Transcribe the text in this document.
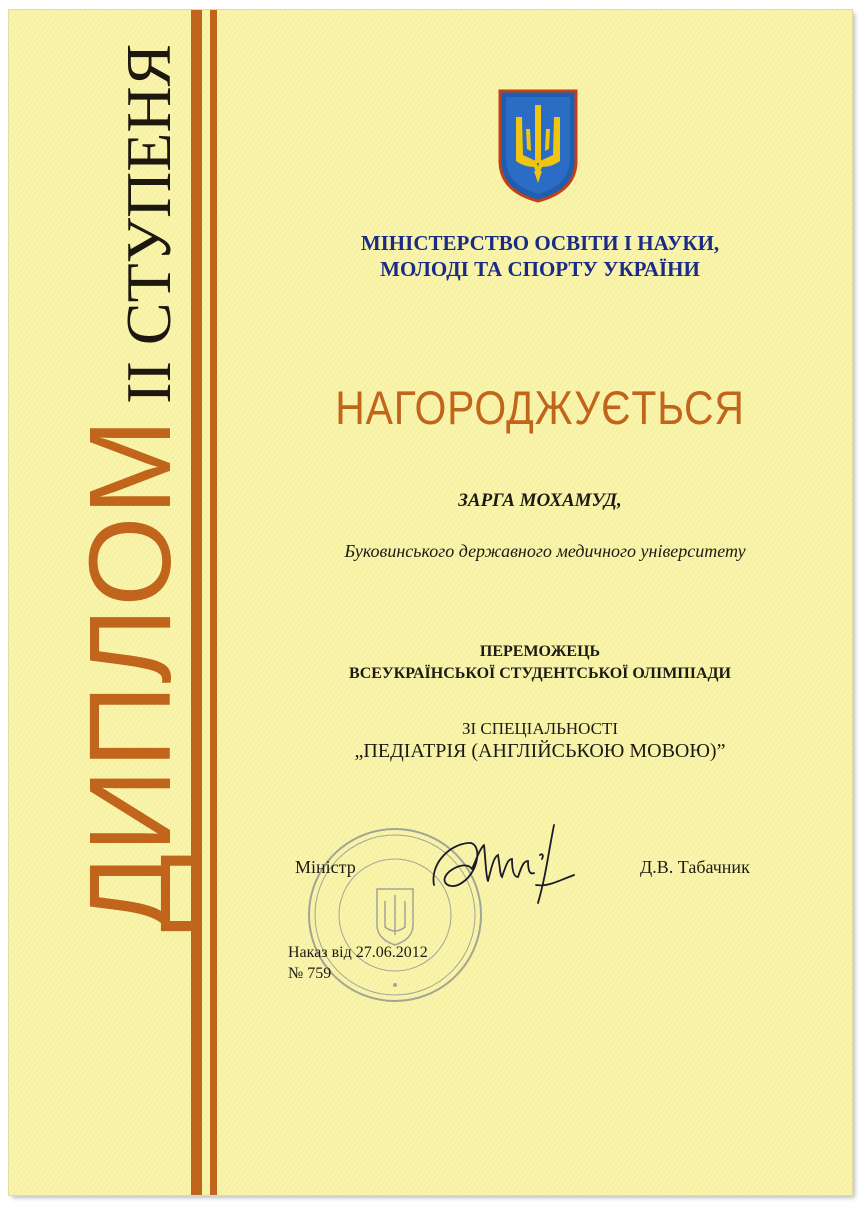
ДИПЛОМІІ СТУПЕНЯ	МІНІСТЕРСТВО ОСВІТИ І НАУКИ,
МОЛОДІ ТА СПОРТУ УКРАЇНИ
НАГОРОДЖУЄТЬСЯ
ЗАРГА МОХАМУД,
Буковинського державного медичного університету
ПЕРЕМОЖЕЦЬ
ВСЕУКРАЇНСЬКОЇ СТУДЕНТСЬКОЇ ОЛІМПІАДИ
ЗІ СПЕЦІАЛЬНОСТІ
„ПЕДІАТРІЯ (АНГЛІЙСЬКОЮ МОВОЮ)”
Міністр	Д.В. Табачник
Наказ від 27.06.2012
№ 759
